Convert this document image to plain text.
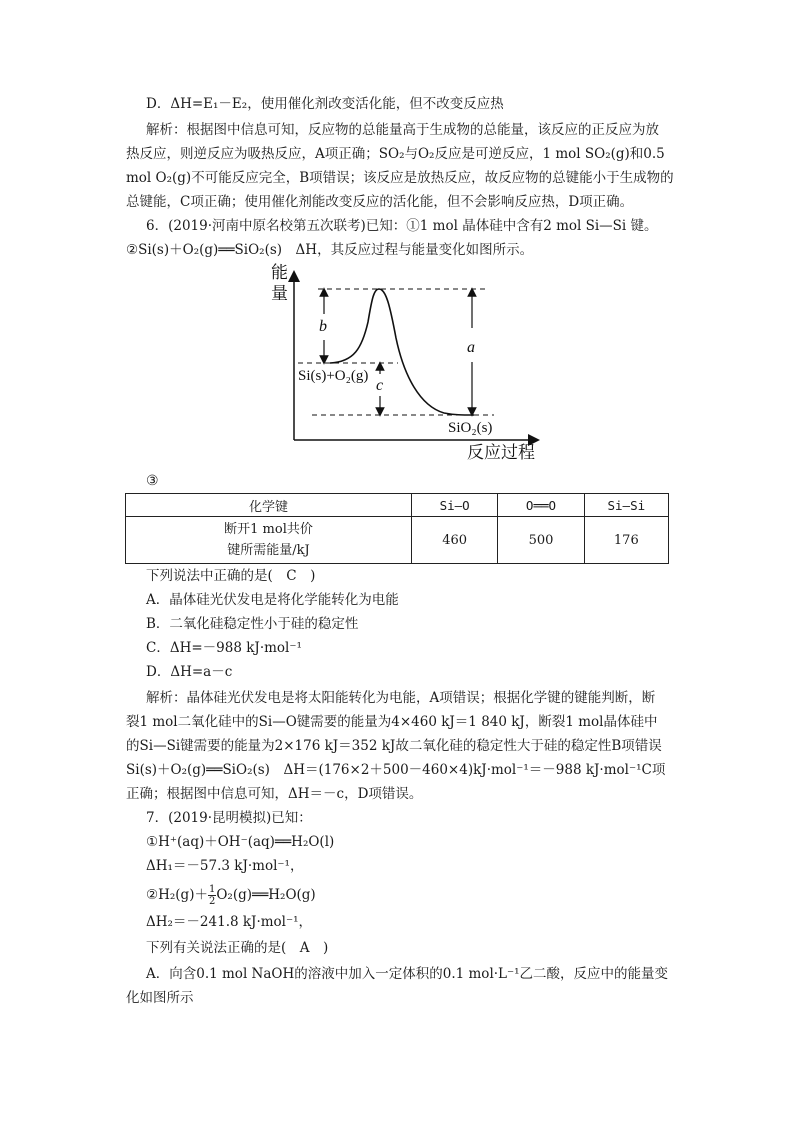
D．ΔH=E₁－E₂，使用催化剂改变活化能，但不改变反应热
解析：根据图中信息可知，反应物的总能量高于生成物的总能量，该反应的正反应为放
热反应，则逆反应为吸热反应，A项正确；SO₂与O₂反应是可逆反应，1 mol SO₂(g)和0.5
mol O₂(g)不可能反应完全，B项错误；该反应是放热反应，故反应物的总键能小于生成物的
总键能，C项正确；使用催化剂能改变反应的活化能，但不会影响反应热，D项正确。
6．(2019·河南中原名校第五次联考)已知：①1 mol 晶体硅中含有2 mol Si—Si 键。
②Si(s)＋O₂(g)══SiO₂(s)　ΔH，其反应过程与能量变化如图所示。
能
量
反应过程
b
a
c
Si(s)+O₂(g)
SiO₂(s)
③
化学键	Si—O	O══O	Si—Si

断开1 mol共价
键所需能量/kJ	460	500	176
下列说法中正确的是(　C　)
A．晶体硅光伏发电是将化学能转化为电能
B．二氧化硅稳定性小于硅的稳定性
C．ΔH=－988 kJ·mol⁻¹
D．ΔH=a－c
解析：晶体硅光伏发电是将太阳能转化为电能，A项错误；根据化学键的键能判断，断
裂1 mol二氧化硅中的Si—O键需要的能量为4×460 kJ＝1 840 kJ，断裂1 mol晶体硅中
的Si—Si键需要的能量为2×176 kJ＝352 kJ故二氧化硅的稳定性大于硅的稳定性B项错误
Si(s)＋O₂(g)══SiO₂(s)　ΔH＝(176×2＋500－460×4)kJ·mol⁻¹＝－988 kJ·mol⁻¹C项
正确；根据图中信息可知，ΔH＝－c，D项错误。
7．(2019·昆明模拟)已知：
①H⁺(aq)＋OH⁻(aq)══H₂O(l)
ΔH₁＝－57.3 kJ·mol⁻¹，
②H₂(g)＋ $\frac{1}{2}$ O₂(g)══H₂O(g)
ΔH₂＝－241.8 kJ·mol⁻¹，
下列有关说法正确的是(　A　)
A．向含0.1 mol NaOH的溶液中加入一定体积的0.1 mol·L⁻¹乙二酸，反应中的能量变
化如图所示
